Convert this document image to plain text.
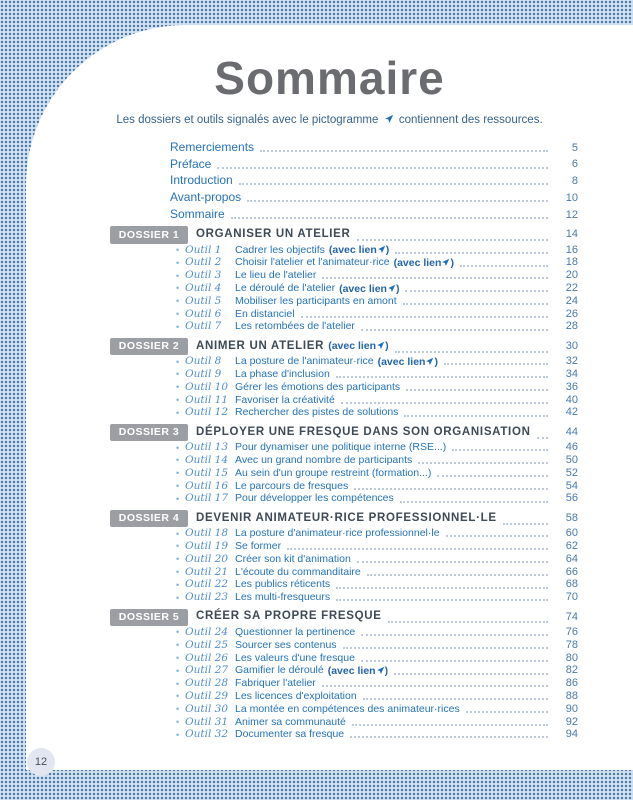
Sommaire

Les dossiers et outils signalés avec le pictogramme contiennent des ressources.

Remerciements	5
Préface	6
Introduction	8
Avant-propos	10
Sommaire	12
DOSSIER 1	ORGANISER UN ATELIER	14
• Outil 1	Cadrer les objectifs (avec lien )	16
• Outil 2	Choisir l'atelier et l'animateur·rice (avec lien )	18
• Outil 3	Le lieu de l'atelier	20
• Outil 4	Le déroulé de l'atelier (avec lien )	22
• Outil 5	Mobiliser les participants en amont	24
• Outil 6	En distanciel	26
• Outil 7	Les retombées de l'atelier	28
DOSSIER 2	ANIMER UN ATELIER (avec lien )	30
• Outil 8	La posture de l'animateur·rice (avec lien )	32
• Outil 9	La phase d'inclusion	34
• Outil 10 Gérer les émotions des participants	36
• Outil 11 Favoriser la créativité	40
• Outil 12 Rechercher des pistes de solutions	42
DOSSIER 3	DÉPLOYER UNE FRESQUE DANS SON ORGANISATION	44
• Outil 13 Pour dynamiser une politique interne (RSE...)	46
• Outil 14 Avec un grand nombre de participants	50
• Outil 15 Au sein d'un groupe restreint (formation...)	52
• Outil 16 Le parcours de fresques	54
• Outil 17 Pour développer les compétences	56
DOSSIER 4	DEVENIR ANIMATEUR·RICE PROFESSIONNEL·LE	58
• Outil 18 La posture d'animateur·rice professionnel·le	60
• Outil 19 Se former	62
• Outil 20 Créer son kit d'animation	64
• Outil 21 L'écoute du commanditaire	66
• Outil 22 Les publics réticents	68
• Outil 23 Les multi-fresqueurs	70
DOSSIER 5	CRÉER SA PROPRE FRESQUE	74
• Outil 24 Questionner la pertinence	76
• Outil 25 Sourcer ses contenus	78
• Outil 26 Les valeurs d'une fresque	80
• Outil 27 Gamifier le déroulé (avec lien )	82
• Outil 28 Fabriquer l'atelier	86
• Outil 29 Les licences d'exploitation	88
• Outil 30 La montée en compétences des animateur·rices	90
• Outil 31 Animer sa communauté	92
• Outil 32 Documenter sa fresque	94
12
